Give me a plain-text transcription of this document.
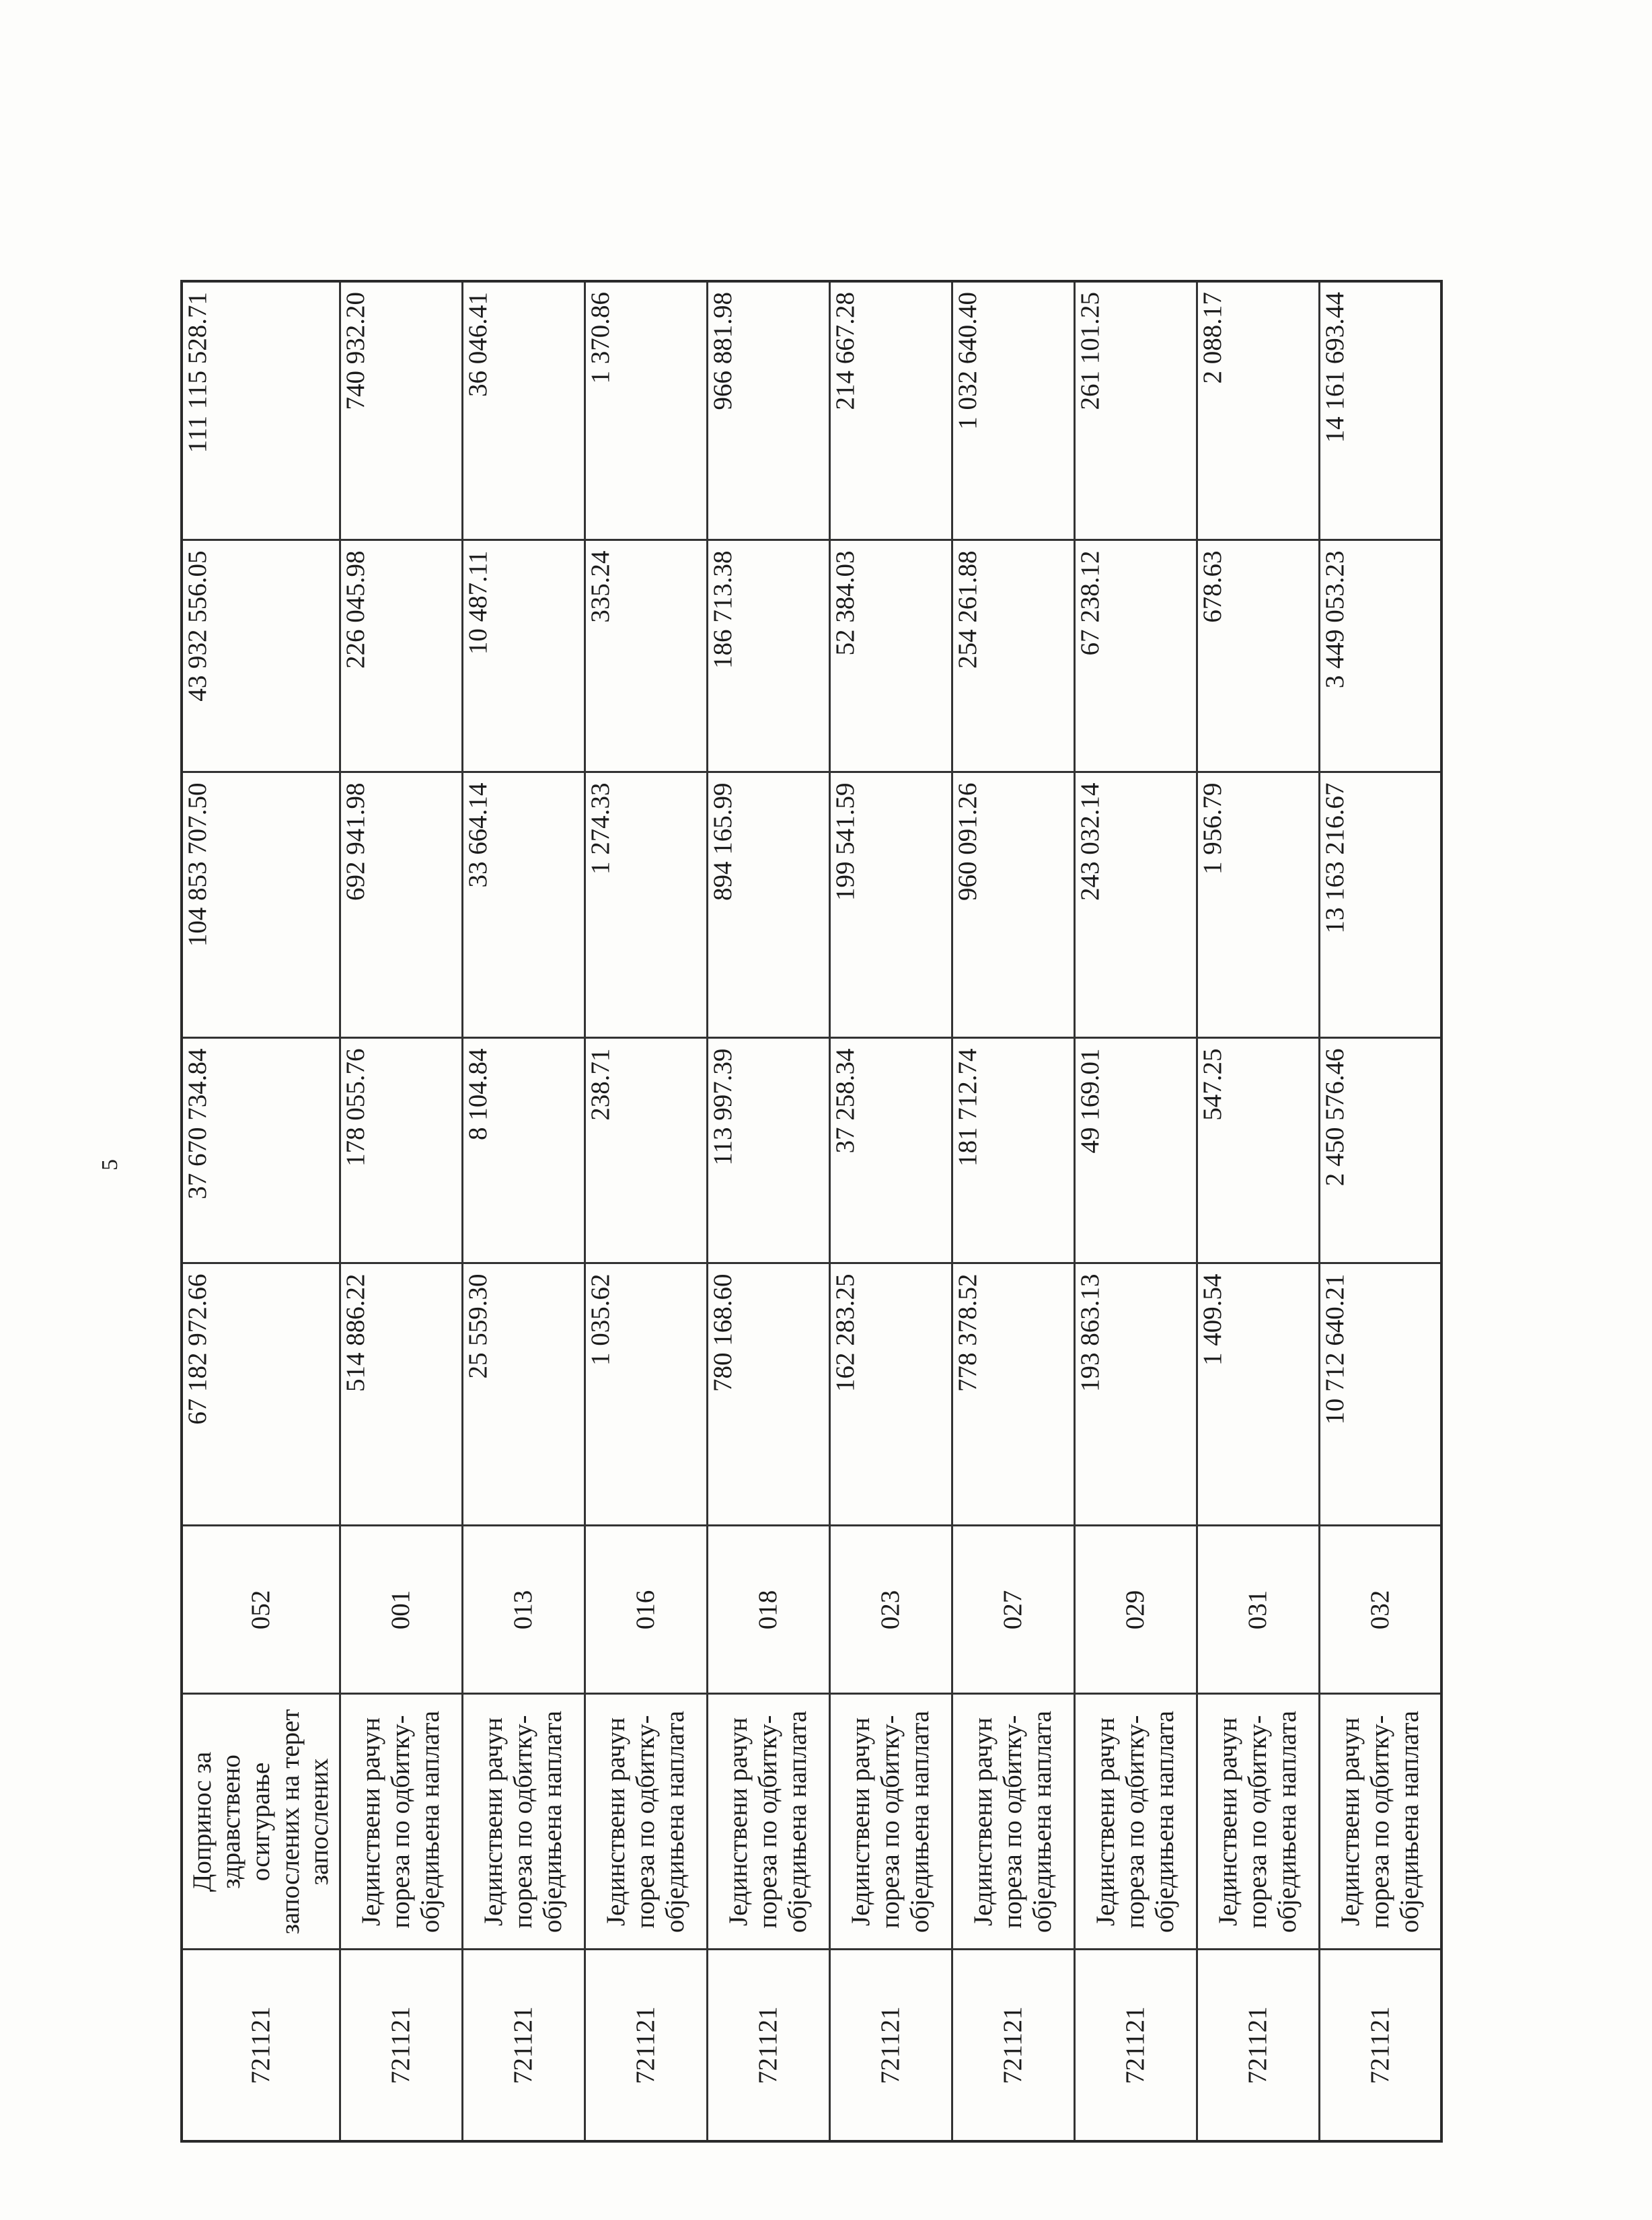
5
721121	Допринос за здравствено осигурање запослених на терет запослених	052	67 182 972.66	37 670 734.84	104 853 707.50	43 932 556.05	111 115 528.71
721121	Јединствени рачун пореза по одбитку-обједињена наплата	001	514 886.22	178 055.76	692 941.98	226 045.98	740 932.20
721121	Јединствени рачун пореза по одбитку-обједињена наплата	013	25 559.30	8 104.84	33 664.14	10 487.11	36 046.41
721121	Јединствени рачун пореза по одбитку-обједињена наплата	016	1 035.62	238.71	1 274.33	335.24	1 370.86
721121	Јединствени рачун пореза по одбитку-обједињена наплата	018	780 168.60	113 997.39	894 165.99	186 713.38	966 881.98
721121	Јединствени рачун пореза по одбитку-обједињена наплата	023	162 283.25	37 258.34	199 541.59	52 384.03	214 667.28
721121	Јединствени рачун пореза по одбитку-обједињена наплата	027	778 378.52	181 712.74	960 091.26	254 261.88	1 032 640.40
721121	Јединствени рачун пореза по одбитку-обједињена наплата	029	193 863.13	49 169.01	243 032.14	67 238.12	261 101.25
721121	Јединствени рачун пореза по одбитку-обједињена наплата	031	1 409.54	547.25	1 956.79	678.63	2 088.17
721121	Јединствени рачун пореза по одбитку-обједињена наплата	032	10 712 640.21	2 450 576.46	13 163 216.67	3 449 053.23	14 161 693.44
